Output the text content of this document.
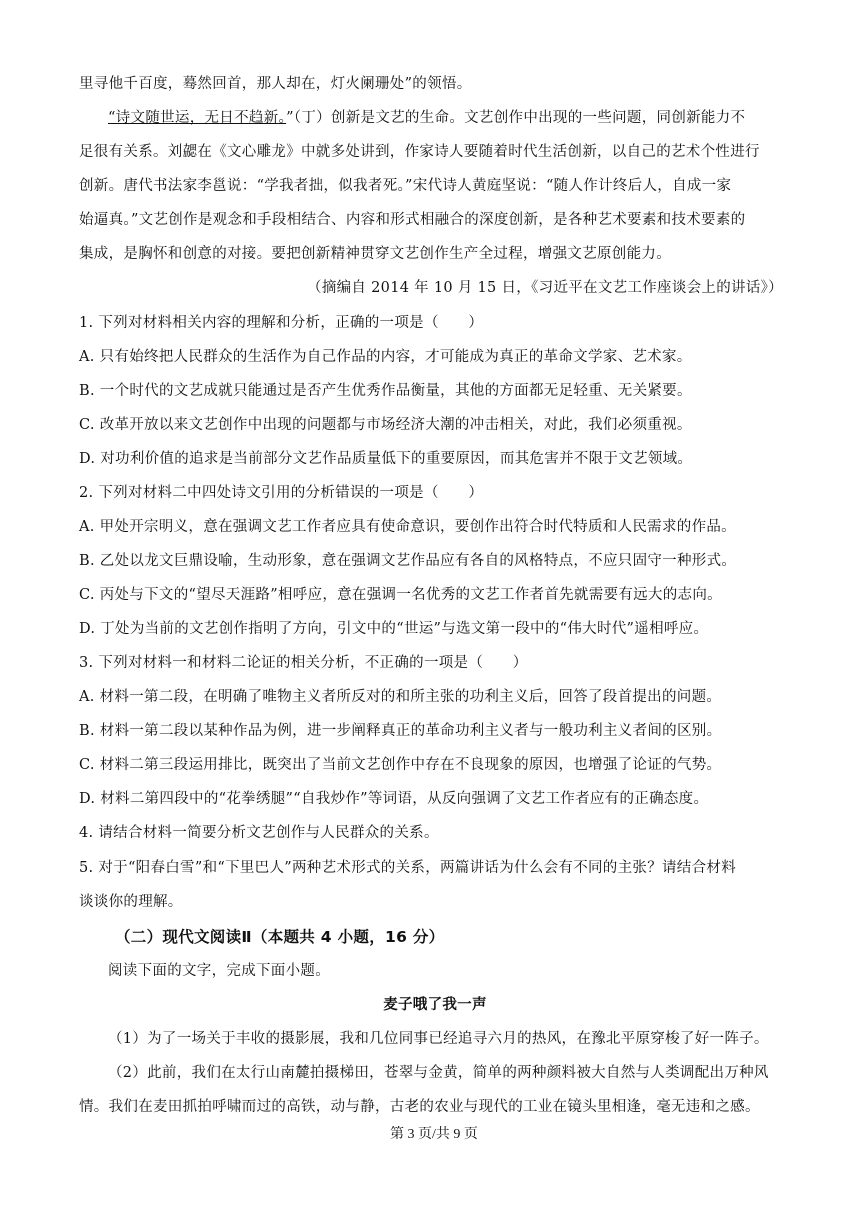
里寻他千百度，蓦然回首，那人却在，灯火阑珊处”的领悟。
“诗文随世运，无日不趋新。”（丁）创新是文艺的生命。文艺创作中出现的一些问题，同创新能力不
足很有关系。刘勰在《文心雕龙》中就多处讲到，作家诗人要随着时代生活创新，以自己的艺术个性进行
创新。唐代书法家李邕说：“学我者拙，似我者死。”宋代诗人黄庭坚说：“随人作计终后人，自成一家
始逼真。”文艺创作是观念和手段相结合、内容和形式相融合的深度创新，是各种艺术要素和技术要素的
集成，是胸怀和创意的对接。要把创新精神贯穿文艺创作生产全过程，增强文艺原创能力。
（摘编自 2014 年 10 月 15 日，《习近平在文艺工作座谈会上的讲话》）
1. 下列对材料相关内容的理解和分析，正确的一项是（　　）
A. 只有始终把人民群众的生活作为自己作品的内容，才可能成为真正的革命文学家、艺术家。
B. 一个时代的文艺成就只能通过是否产生优秀作品衡量，其他的方面都无足轻重、无关紧要。
C. 改革开放以来文艺创作中出现的问题都与市场经济大潮的冲击相关，对此，我们必须重视。
D. 对功利价值的追求是当前部分文艺作品质量低下的重要原因，而其危害并不限于文艺领域。
2. 下列对材料二中四处诗文引用的分析错误的一项是（　　）
A. 甲处开宗明义，意在强调文艺工作者应具有使命意识，要创作出符合时代特质和人民需求的作品。
B. 乙处以龙文巨鼎设喻，生动形象，意在强调文艺作品应有各自的风格特点，不应只固守一种形式。
C. 丙处与下文的“望尽天涯路”相呼应，意在强调一名优秀的文艺工作者首先就需要有远大的志向。
D. 丁处为当前的文艺创作指明了方向，引文中的“世运”与选文第一段中的“伟大时代”遥相呼应。
3. 下列对材料一和材料二论证的相关分析，不正确的一项是（　　）
A. 材料一第二段，在明确了唯物主义者所反对的和所主张的功利主义后，回答了段首提出的问题。
B. 材料一第二段以某种作品为例，进一步阐释真正的革命功利主义者与一般功利主义者间的区别。
C. 材料二第三段运用排比，既突出了当前文艺创作中存在不良现象的原因，也增强了论证的气势。
D. 材料二第四段中的“花拳绣腿”“自我炒作”等词语，从反向强调了文艺工作者应有的正确态度。
4. 请结合材料一简要分析文艺创作与人民群众的关系。
5. 对于“阳春白雪”和“下里巴人”两种艺术形式的关系，两篇讲话为什么会有不同的主张？请结合材料
谈谈你的理解。
（二）现代文阅读Ⅱ（本题共 4 小题，16 分）
阅读下面的文字，完成下面小题。
麦子哦了我一声
（1）为了一场关于丰收的摄影展，我和几位同事已经追寻六月的热风，在豫北平原穿梭了好一阵子。
（2）此前，我们在太行山南麓拍摄梯田，苍翠与金黄，简单的两种颜料被大自然与人类调配出万种风
情。我们在麦田抓拍呼啸而过的高铁，动与静，古老的农业与现代的工业在镜头里相逢，毫无违和之感。
第 3 页/共 9 页
